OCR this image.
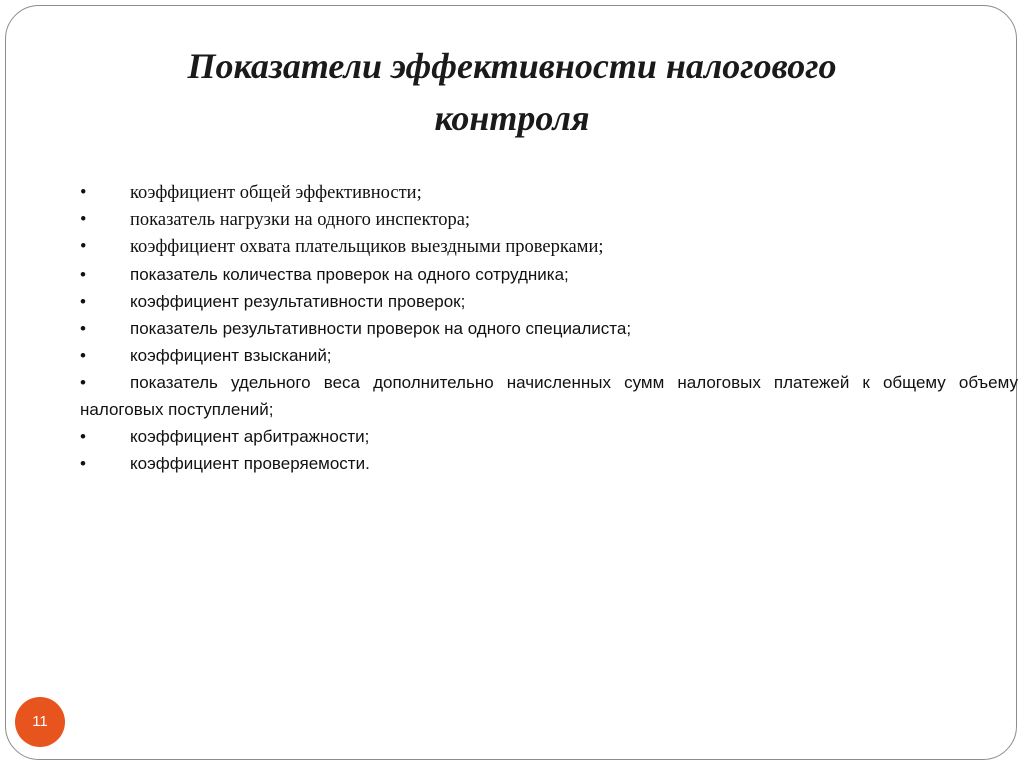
Показатели эффективности налогового
контроля
•	коэффициент общей эффективности;
•	показатель нагрузки на одного инспектора;
•	коэффициент охвата плательщиков выездными проверками;
•	показатель количества проверок на одного сотрудника;
•	коэффициент результативности проверок;
•	показатель результативности проверок на одного специалиста;
•	коэффициент взысканий;
•	показатель удельного веса дополнительно начисленных сумм налоговых платежей к общему объему налоговых поступлений;
•	коэффициент арбитражности;
•	коэффициент проверяемости.
11
